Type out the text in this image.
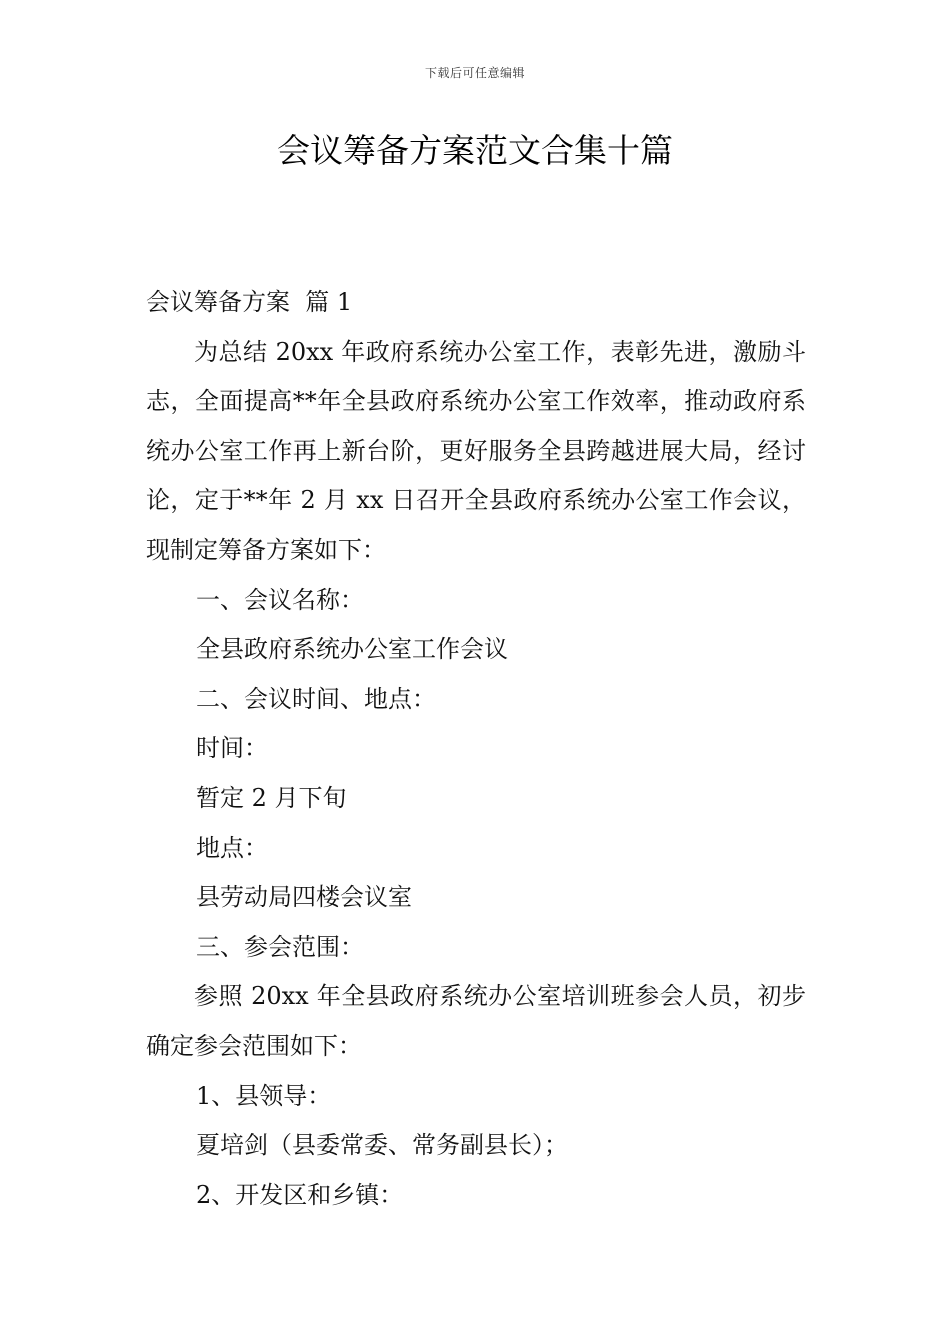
下载后可任意编辑
会议筹备方案范文合集十篇

会议筹备方案  篇 1

为总结 20xx 年政府系统办公室工作，表彰先进，激励斗志，全面提高**年全县政府系统办公室工作效率，推动政府系统办公室工作再上新台阶，更好服务全县跨越进展大局，经讨论，定于**年 2 月 xx 日召开全县政府系统办公室工作会议，现制定筹备方案如下：

一、会议名称：

全县政府系统办公室工作会议

二、会议时间、地点：

时间：

暂定 2 月下旬

地点：

县劳动局四楼会议室

三、参会范围：

参照 20xx 年全县政府系统办公室培训班参会人员，初步确定参会范围如下：

1、县领导：

夏培剑（县委常委、常务副县长）；

2、开发区和乡镇：
